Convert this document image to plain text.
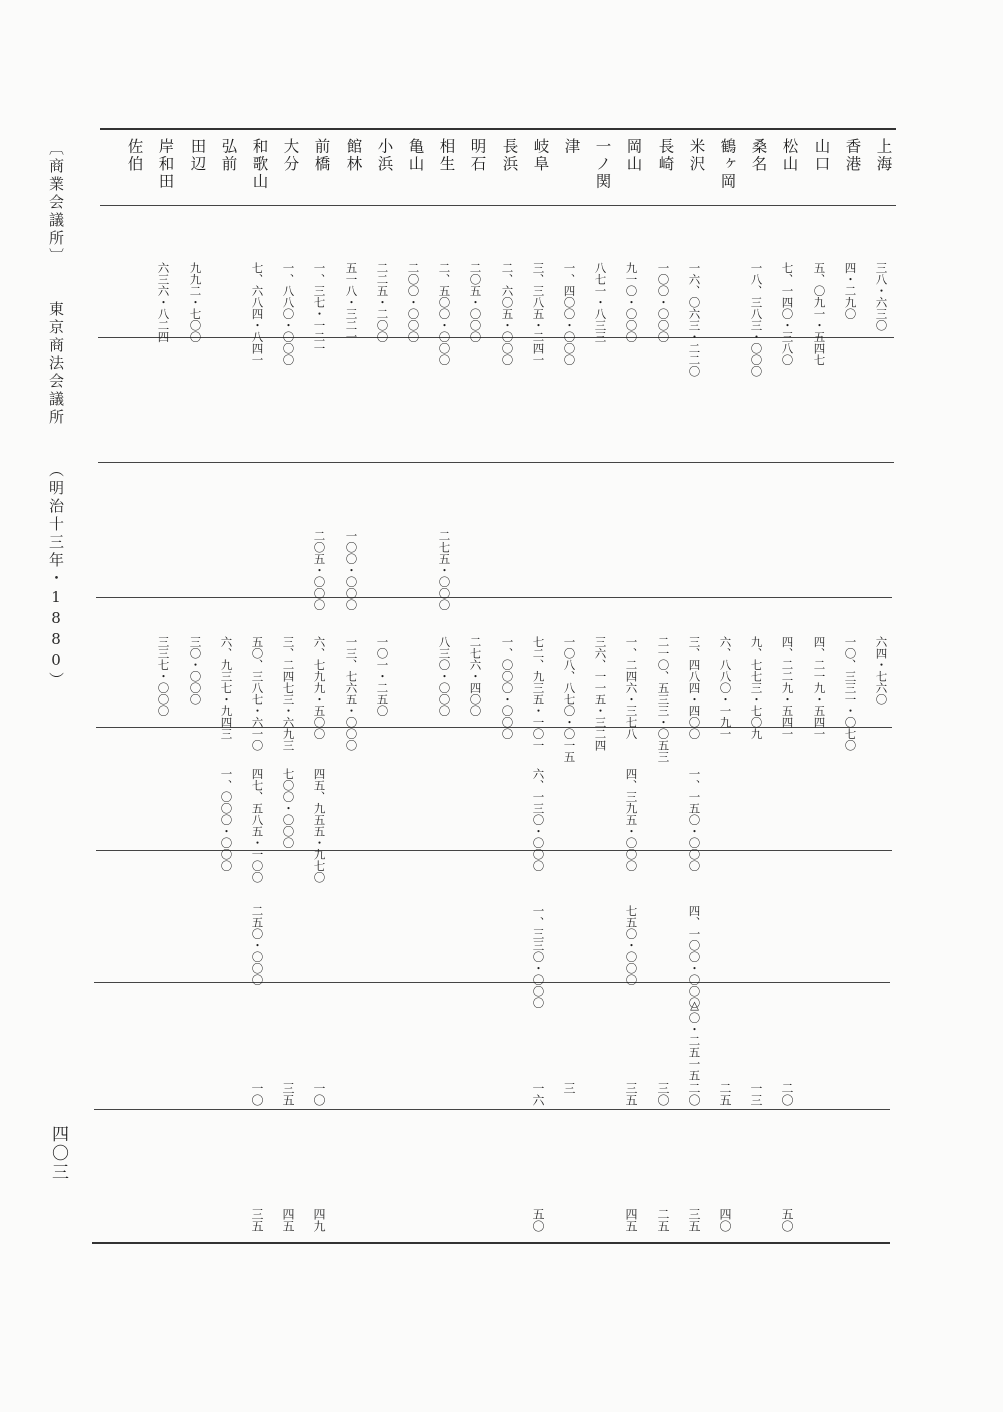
〔商業会議所〕 東京商法会議所 （明治十三年・1880）
四〇三
上海
三八・六三〇
六四・七六〇
香港
四・二九〇
一〇、三三一・〇七〇
山口
五、〇九一・五四七
四、二一九・五四一
松山
七、一四〇・三八〇
四、二二九・五四一
二〇
五〇
桑名
一八、三八三・〇〇〇
九、七七三・七〇九
一三
鶴ヶ岡
六、八八〇・一九一
二五
四〇
米沢
一六、〇六三・二二〇
三、四八四・四〇〇
一、一五〇・〇〇〇
四、一〇〇・〇〇〇
△〇・二五一五
二〇
三五
長崎
一〇〇・〇〇〇
二一〇、五三三・〇五三
三〇
二五
岡山
九一〇・〇〇〇
一、二四六・三七八
四、三九五・〇〇〇
七五〇・〇〇〇
三五
四五
一ノ関
八七一・八三三
三六、一一五・三二四
津
一、四〇〇・〇〇〇
一〇八、八七〇・〇一五
三
岐阜
三、三八五・二四一
七二、九三五・一〇一
六、一三〇・〇〇〇
一、三三〇・〇〇〇
一六
五〇
長浜
二、六〇五・〇〇〇
一、〇〇〇・〇〇〇
明石
二〇五・〇〇〇
二七六・四〇〇
相生
二、五〇〇・〇〇〇
二七五・〇〇〇
八三〇・〇〇〇
亀山
二〇〇・〇〇〇
小浜
二二五・二〇〇
一〇一・二五〇
館林
五一八・三二一
一〇〇・〇〇〇
一三、七六五・〇〇〇
前橋
一、三七・一二一
二〇五・〇〇〇
六、七九九・五〇〇
四五、九五五・九七〇
一〇
四九
大分
一、八八〇・〇〇〇
三、二四七三・六九三
七〇〇・〇〇〇
三五
四五
和歌山
七、六八四・八四一
五〇、三八七・六一〇
四七、五八五・一〇〇
二五〇・〇〇〇
一〇
三五
弘前
六、九三七・九四三
一、〇〇〇・〇〇〇
田辺
九九二・七〇〇
三〇・〇〇〇
岸和田
六三六・八二四
三三七・〇〇〇
佐伯
